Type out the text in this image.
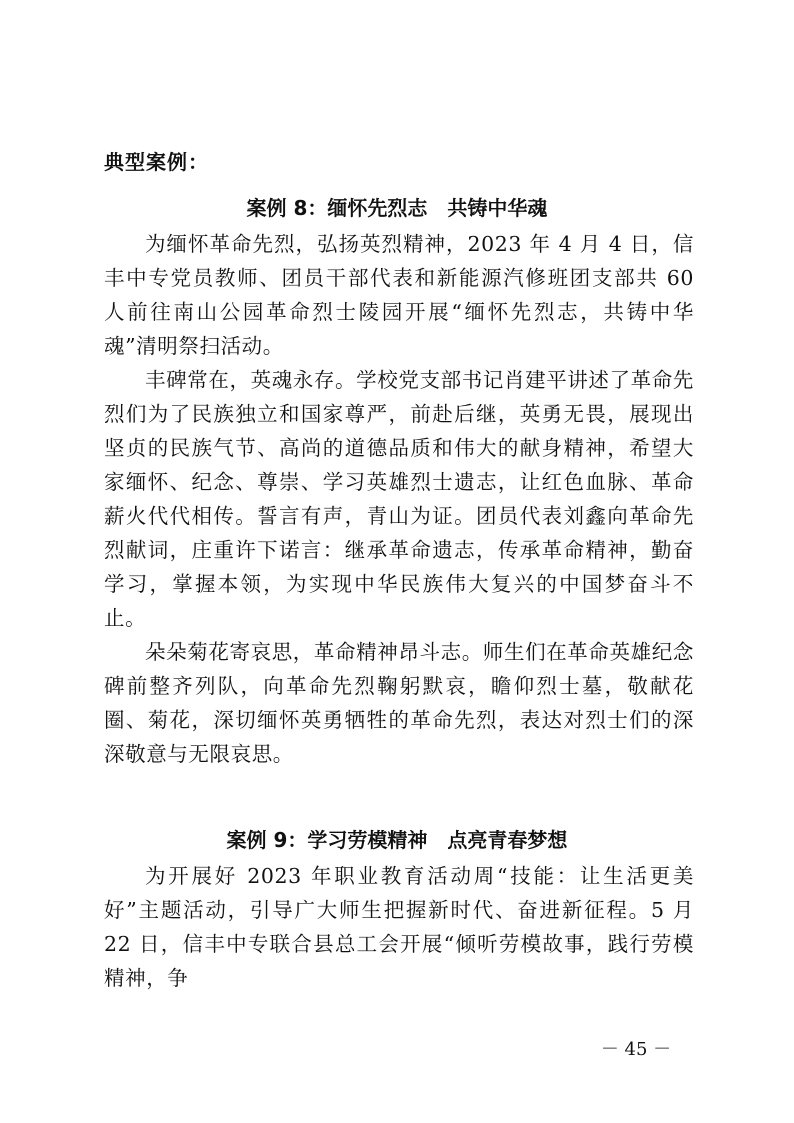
典型案例：
案例 8：缅怀先烈志　共铸中华魂

为缅怀革命先烈，弘扬英烈精神，2023 年 4 月 4 日，信丰中专党员教师、团员干部代表和新能源汽修班团支部共 60 人前往南山公园革命烈士陵园开展“缅怀先烈志，共铸中华魂”清明祭扫活动。

丰碑常在，英魂永存。学校党支部书记肖建平讲述了革命先烈们为了民族独立和国家尊严，前赴后继，英勇无畏，展现出坚贞的民族气节、高尚的道德品质和伟大的献身精神，希望大家缅怀、纪念、尊崇、学习英雄烈士遗志，让红色血脉、革命薪火代代相传。誓言有声，青山为证。团员代表刘鑫向革命先烈献词，庄重许下诺言：继承革命遗志，传承革命精神，勤奋学习，掌握本领，为实现中华民族伟大复兴的中国梦奋斗不止。

朵朵菊花寄哀思，革命精神昂斗志。师生们在革命英雄纪念碑前整齐列队，向革命先烈鞠躬默哀，瞻仰烈士墓，敬献花圈、菊花，深切缅怀英勇牺牲的革命先烈，表达对烈士们的深深敬意与无限哀思。

案例 9：学习劳模精神　点亮青春梦想

为开展好 2023 年职业教育活动周“技能：让生活更美好”主题活动，引导广大师生把握新时代、奋进新征程。5 月 22 日，信丰中专联合县总工会开展“倾听劳模故事，践行劳模精神，争

－ 45 －
